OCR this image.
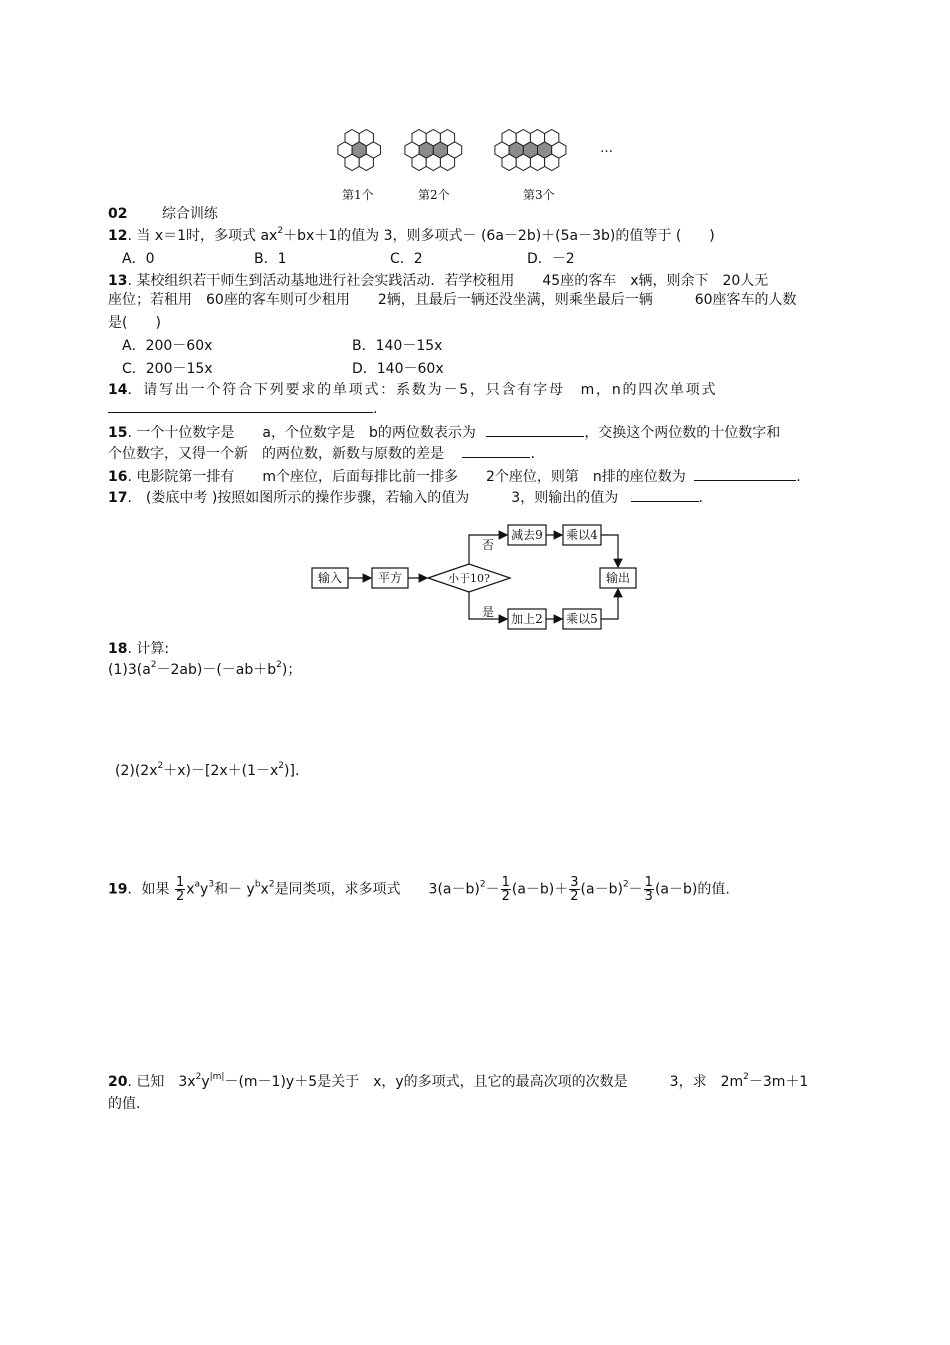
…
第1个	第2个	第3个
02 综合训练
12. 当 x＝1时，多项式 $ax^2+bx+1$的值为 3，则多项式－ (6a－2b)＋(5a－3b)的值等于 (　　)
A．0	B．1	C．2	D．－2
13. 某校组织若干师生到活动基地进行社会实践活动．若学校租用　　45座的客车　x辆，则余下　20人无
座位；若租用　60座的客车则可少租用　　2辆，且最后一辆还没坐满，则乘坐最后一辆　　　60座客车的人数
是(　　)
A．200－60x	B．140－15x
C．200－15x	D．140－60x
14．请写出一个符合下列要求的单项式：系数为－5，只含有字母　m，n的四次单项式
.
15. 一个十位数字是　　a，个位数字是　b的两位数表示为	，交换这个两位数的十位数字和
个位数字，又得一个新　的两位数，新数与原数的差是	.
16. 电影院第一排有　　m个座位，后面每排比前一排多　　2个座位，则第　n排的座位数为	.
17.　(娄底中考 )按照如图所示的操作步骤，若输入的值为　　　3，则输出的值为	.
输入	平方	小于10?
减去9 乘以4
加上2 乘以5
输出
否
是
18. 计算:
$(1)3(a^2-2ab)-(-ab+b^2)$；
$(2)(2x^2+x)-[2x+(1-x^2)]$.
19．如果 $\frac{1}{2} x^ay^3$和－ $y^bx^2$是同类项，求多项式　　$3(a-b)^2- \frac{1}{2} (a-b)+ \frac{3}{2} (a-b)^2- \frac{1}{3} (a-b)$的值.
20. 已知　$3x^2y^{|m|}-(m-1)y+5$是关于　x，y的多项式，且它的最高次项的次数是　　　3，求　$2m^2-3m+1$
的值.
